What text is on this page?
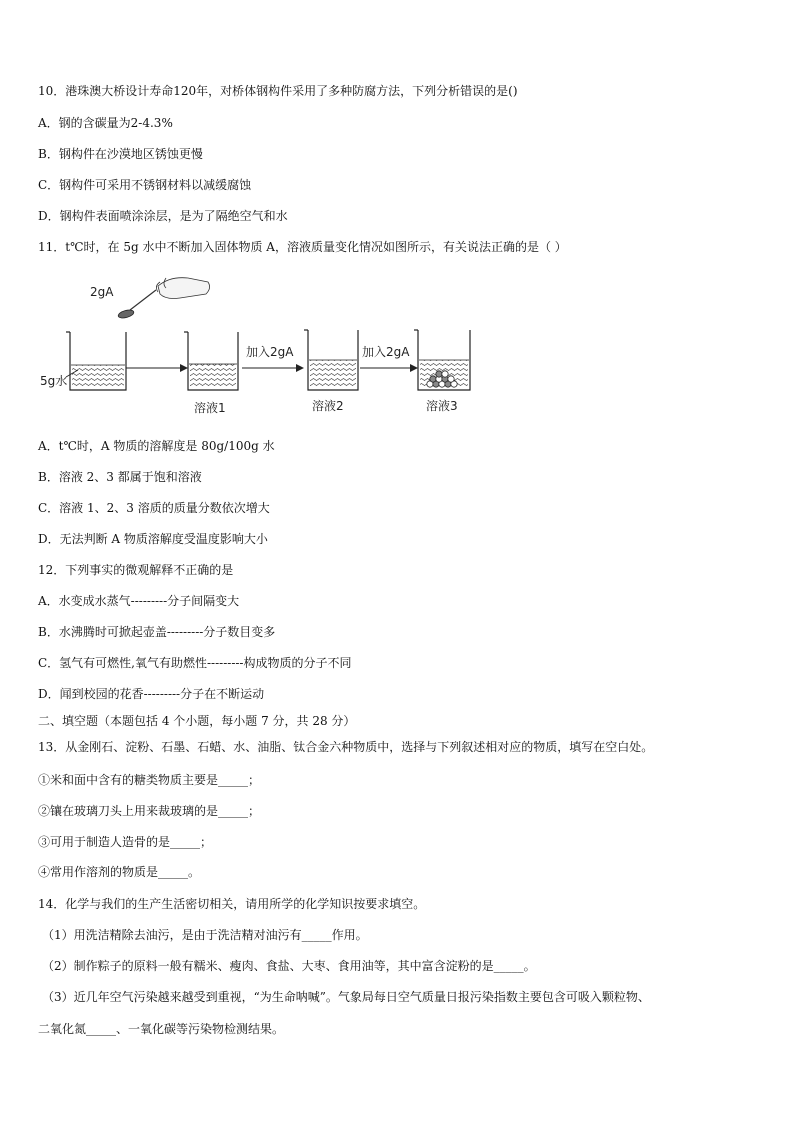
10．港珠澳大桥设计寿命120年，对桥体钢构件采用了多种防腐方法，下列分析错误的是()
A．钢的含碳量为2-4.3%
B．钢构件在沙漠地区锈蚀更慢
C．钢构件可采用不锈钢材料以减缓腐蚀
D．钢构件表面喷涂涂层，是为了隔绝空气和水
11．t℃时，在 5g 水中不断加入固体物质 A，溶液质量变化情况如图所示，有关说法正确的是（ ）
2gA
5g水
溶液1
加入2gA
溶液2
加入2gA
溶液3
A．t℃时，A 物质的溶解度是 80g/100g 水
B．溶液 2、3 都属于饱和溶液
C．溶液 1、2、3 溶质的质量分数依次增大
D．无法判断 A 物质溶解度受温度影响大小
12．下列事实的微观解释不正确的是
A．水变成水蒸气---------分子间隔变大
B．水沸腾时可掀起壶盖---------分子数目变多
C．氢气有可燃性,氧气有助燃性---------构成物质的分子不同
D．闻到校园的花香---------分子在不断运动
二、填空题（本题包括 4 个小题，每小题 7 分，共 28 分）
13．从金刚石、淀粉、石墨、石蜡、水、油脂、钛合金六种物质中，选择与下列叙述相对应的物质，填写在空白处。
①米和面中含有的糖类物质主要是_____；
②镶在玻璃刀头上用来裁玻璃的是_____；
③可用于制造人造骨的是_____；
④常用作溶剂的物质是_____。
14．化学与我们的生产生活密切相关，请用所学的化学知识按要求填空。
（1）用洗洁精除去油污，是由于洗洁精对油污有_____作用。
（2）制作粽子的原料一般有糯米、瘦肉、食盐、大枣、食用油等，其中富含淀粉的是_____。
（3）近几年空气污染越来越受到重视，“为生命呐喊”。气象局每日空气质量日报污染指数主要包含可吸入颗粒物、
二氧化氮_____、一氧化碳等污染物检测结果。
